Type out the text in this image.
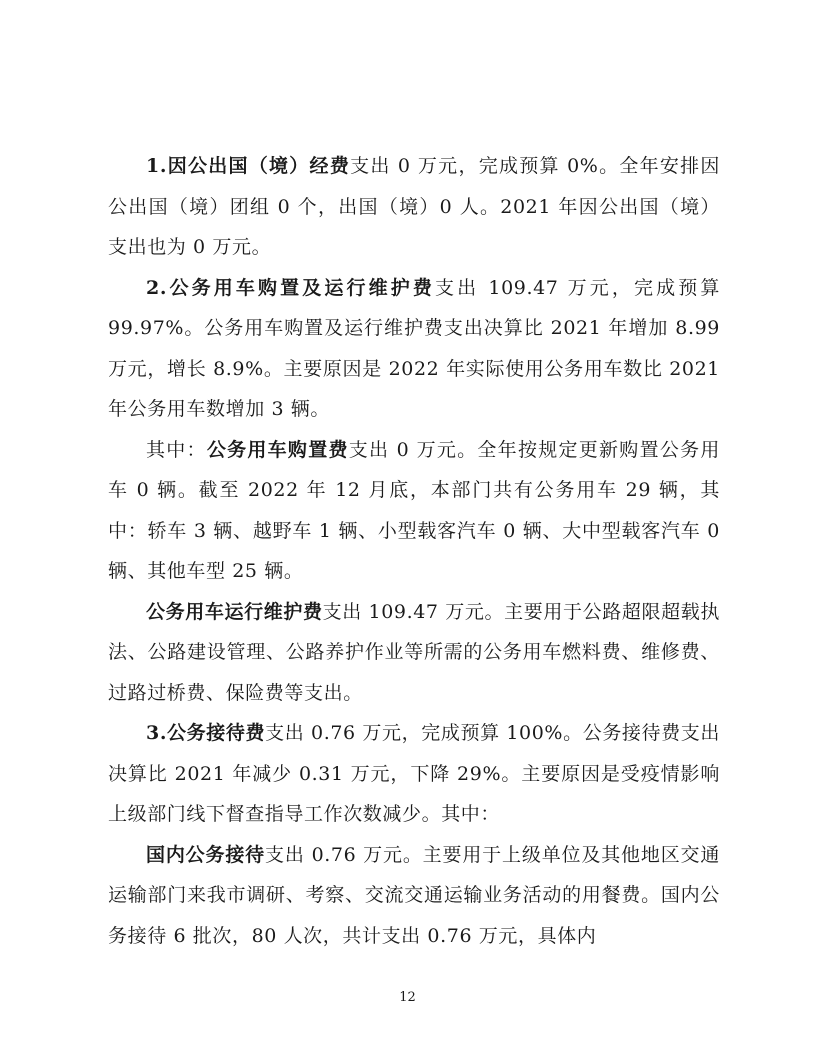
1.因公出国（境）经费支出 0 万元，完成预算 0%。全年安排因公出国（境）团组 0 个，出国（境）0 人。2021 年因公出国（境）支出也为 0 万元。

2.公务用车购置及运行维护费支出 109.47 万元，完成预算 99.97%。公务用车购置及运行维护费支出决算比 2021 年增加 8.99 万元，增长 8.9%。主要原因是 2022 年实际使用公务用车数比 2021 年公务用车数增加 3 辆。

其中：公务用车购置费支出 0 万元。全年按规定更新购置公务用车 0 辆。截至 2022 年 12 月底，本部门共有公务用车 29 辆，其中：轿车 3 辆、越野车 1 辆、小型载客汽车 0 辆、大中型载客汽车 0 辆、其他车型 25 辆。

公务用车运行维护费支出 109.47 万元。主要用于公路超限超载执法、公路建设管理、公路养护作业等所需的公务用车燃料费、维修费、过路过桥费、保险费等支出。

3.公务接待费支出 0.76 万元，完成预算 100%。公务接待费支出决算比 2021 年减少 0.31 万元，下降 29%。主要原因是受疫情影响上级部门线下督查指导工作次数减少。其中：

国内公务接待支出 0.76 万元。主要用于上级单位及其他地区交通运输部门来我市调研、考察、交流交通运输业务活动的用餐费。国内公务接待 6 批次，80 人次，共计支出 0.76 万元，具体内

12
